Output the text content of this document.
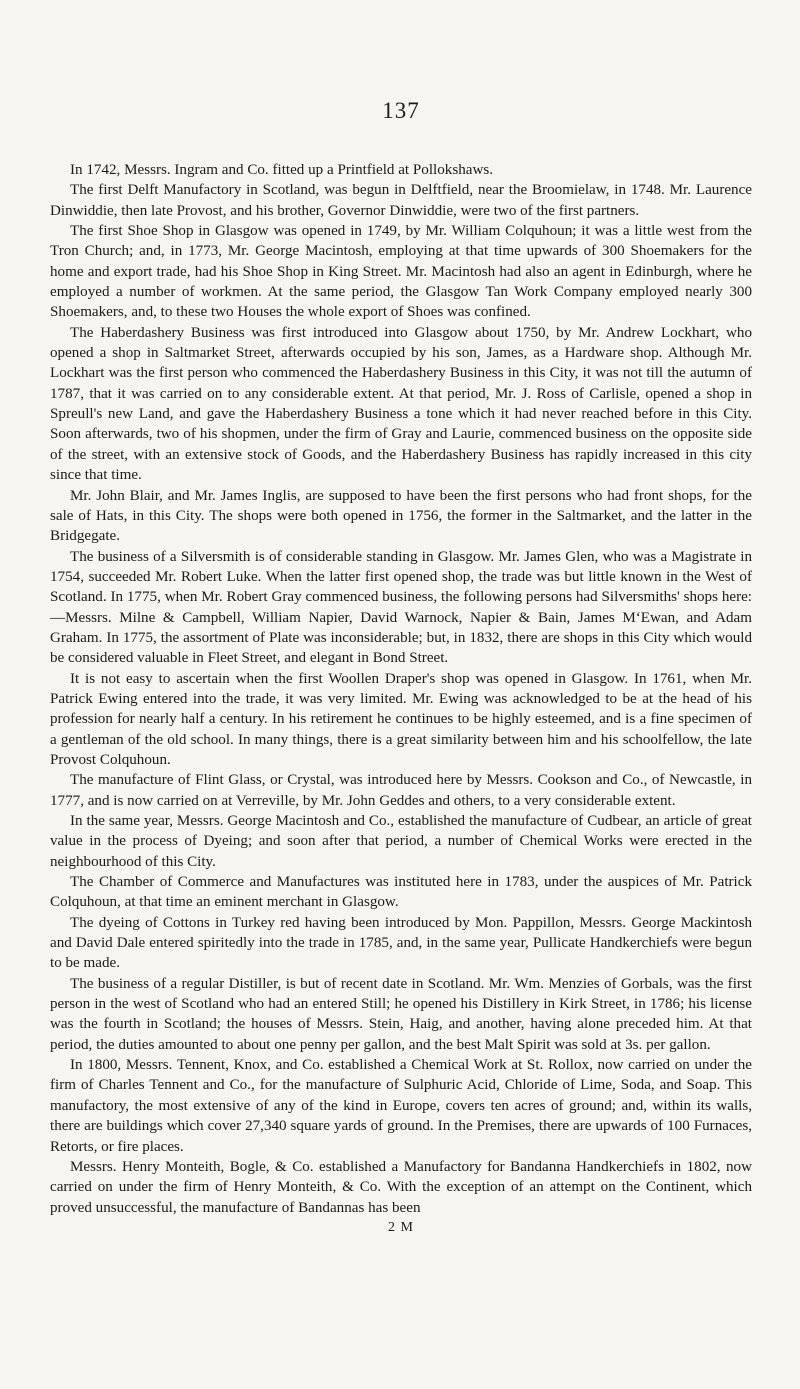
137

In 1742, Messrs. Ingram and Co. fitted up a Printfield at Pollokshaws.

The first Delft Manufactory in Scotland, was begun in Delftfield, near the Broomielaw, in 1748. Mr. Laurence Dinwiddie, then late Provost, and his brother, Governor Dinwiddie, were two of the first partners.

The first Shoe Shop in Glasgow was opened in 1749, by Mr. William Colquhoun; it was a little west from the Tron Church; and, in 1773, Mr. George Macintosh, employing at that time upwards of 300 Shoemakers for the home and export trade, had his Shoe Shop in King Street. Mr. Macintosh had also an agent in Edinburgh, where he employed a number of workmen. At the same period, the Glasgow Tan Work Company employed nearly 300 Shoemakers, and, to these two Houses the whole export of Shoes was confined.

The Haberdashery Business was first introduced into Glasgow about 1750, by Mr. Andrew Lockhart, who opened a shop in Saltmarket Street, afterwards occupied by his son, James, as a Hardware shop. Although Mr. Lockhart was the first person who commenced the Haberdashery Business in this City, it was not till the autumn of 1787, that it was carried on to any considerable extent. At that period, Mr. J. Ross of Carlisle, opened a shop in Spreull's new Land, and gave the Haberdashery Business a tone which it had never reached before in this City. Soon afterwards, two of his shopmen, under the firm of Gray and Laurie, commenced business on the opposite side of the street, with an extensive stock of Goods, and the Haberdashery Business has rapidly increased in this city since that time.

Mr. John Blair, and Mr. James Inglis, are supposed to have been the first persons who had front shops, for the sale of Hats, in this City. The shops were both opened in 1756, the former in the Saltmarket, and the latter in the Bridgegate.

The business of a Silversmith is of considerable standing in Glasgow. Mr. James Glen, who was a Magistrate in 1754, succeeded Mr. Robert Luke. When the latter first opened shop, the trade was but little known in the West of Scotland. In 1775, when Mr. Robert Gray commenced business, the following persons had Silversmiths' shops here:—Messrs. Milne & Campbell, William Napier, David Warnock, Napier & Bain, James M‘Ewan, and Adam Graham. In 1775, the assortment of Plate was inconsiderable; but, in 1832, there are shops in this City which would be considered valuable in Fleet Street, and elegant in Bond Street.

It is not easy to ascertain when the first Woollen Draper's shop was opened in Glasgow. In 1761, when Mr. Patrick Ewing entered into the trade, it was very limited. Mr. Ewing was acknowledged to be at the head of his profession for nearly half a century. In his retirement he continues to be highly esteemed, and is a fine specimen of a gentleman of the old school. In many things, there is a great similarity between him and his schoolfellow, the late Provost Colquhoun.

The manufacture of Flint Glass, or Crystal, was introduced here by Messrs. Cookson and Co., of Newcastle, in 1777, and is now carried on at Verreville, by Mr. John Geddes and others, to a very considerable extent.

In the same year, Messrs. George Macintosh and Co., established the manufacture of Cudbear, an article of great value in the process of Dyeing; and soon after that period, a number of Chemical Works were erected in the neighbourhood of this City.

The Chamber of Commerce and Manufactures was instituted here in 1783, under the auspices of Mr. Patrick Colquhoun, at that time an eminent merchant in Glasgow.

The dyeing of Cottons in Turkey red having been introduced by Mon. Pappillon, Messrs. George Mackintosh and David Dale entered spiritedly into the trade in 1785, and, in the same year, Pullicate Handkerchiefs were begun to be made.

The business of a regular Distiller, is but of recent date in Scotland. Mr. Wm. Menzies of Gorbals, was the first person in the west of Scotland who had an entered Still; he opened his Distillery in Kirk Street, in 1786; his license was the fourth in Scotland; the houses of Messrs. Stein, Haig, and another, having alone preceded him. At that period, the duties amounted to about one penny per gallon, and the best Malt Spirit was sold at 3s. per gallon.

In 1800, Messrs. Tennent, Knox, and Co. established a Chemical Work at St. Rollox, now carried on under the firm of Charles Tennent and Co., for the manufacture of Sulphuric Acid, Chloride of Lime, Soda, and Soap. This manufactory, the most extensive of any of the kind in Europe, covers ten acres of ground; and, within its walls, there are buildings which cover 27,340 square yards of ground. In the Premises, there are upwards of 100 Furnaces, Retorts, or fire places.

Messrs. Henry Monteith, Bogle, & Co. established a Manufactory for Bandanna Handkerchiefs in 1802, now carried on under the firm of Henry Monteith, & Co. With the exception of an attempt on the Continent, which proved unsuccessful, the manufacture of Bandannas has been

2 M
